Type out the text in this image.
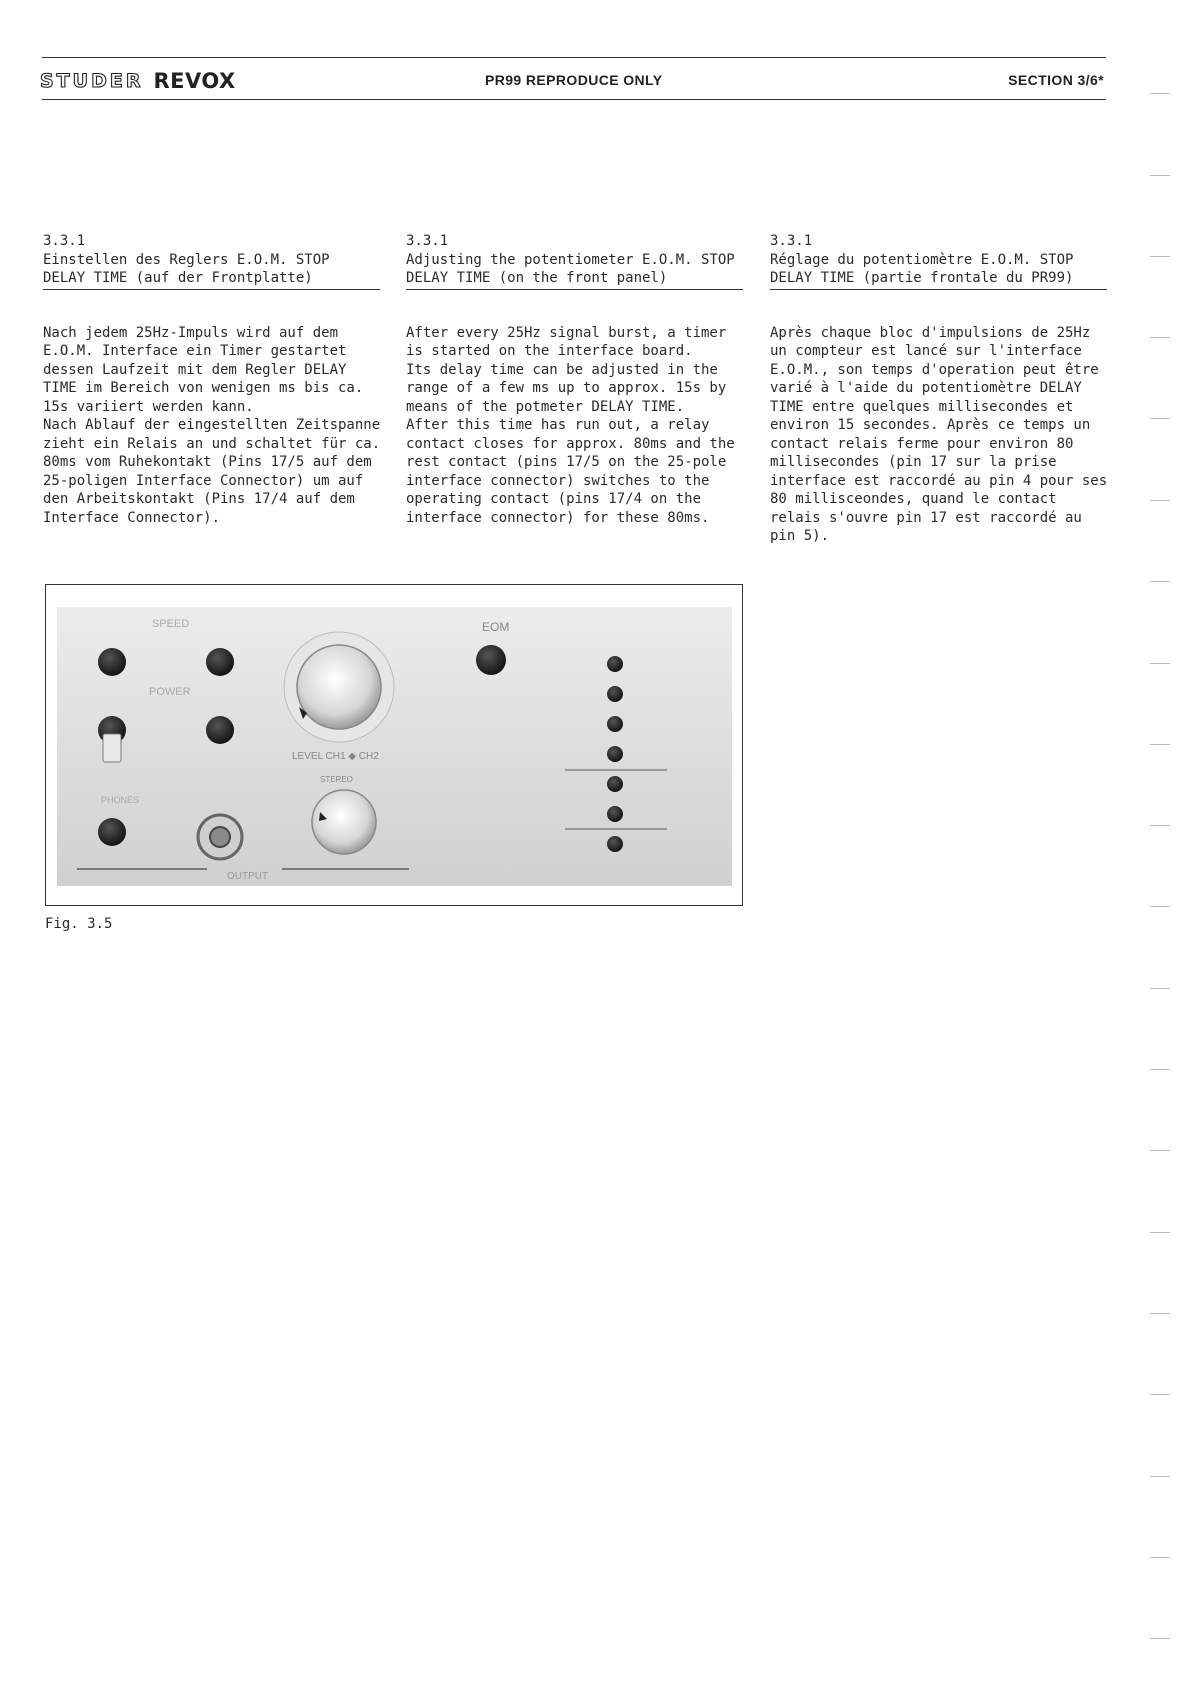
STUDER REVOX	PR99 REPRODUCE ONLY	SECTION 3/6*
3.3.1
Einstellen des Reglers E.O.M. STOP DELAY TIME (auf der Frontplatte)
Nach jedem 25Hz-Impuls wird auf dem E.O.M. Interface ein Timer gestartet dessen Laufzeit mit dem Regler DELAY TIME im Bereich von wenigen ms bis ca. 15s variiert werden kann.
Nach Ablauf der eingestellten Zeitspanne zieht ein Relais an und schaltet für ca. 80ms vom Ruhekontakt (Pins 17/5 auf dem 25-poligen Interface Connector) um auf den Arbeitskontakt (Pins 17/4 auf dem Interface Connector).
3.3.1
Adjusting the potentiometer E.O.M. STOP DELAY TIME (on the front panel)
After every 25Hz signal burst, a timer is started on the interface board.
Its delay time can be adjusted in the range of a few ms up to approx. 15s by means of the potmeter DELAY TIME.
After this time has run out, a relay contact closes for approx. 80ms and the rest contact (pins 17/5 on the 25-pole interface connector) switches to the operating contact (pins 17/4 on the interface connector) for these 80ms.
3.3.1
Réglage du potentiomètre E.O.M. STOP DELAY TIME (partie frontale du PR99)
Après chaque bloc d'impulsions de 25Hz un compteur est lancé sur l'interface E.O.M., son temps d'operation peut être varié à l'aide du potentiomètre DELAY TIME entre quelques millisecondes et environ 15 secondes. Après ce temps un contact relais ferme pour environ 80 millisecondes (pin 17 sur la prise interface est raccordé au pin 4 pour ses 80 millisceondes, quand le contact relais s'ouvre pin 17 est raccordé au pin 5).
SPEED
POWER
PHONES
OUTPUT
EOM
LEVEL CH1 ◆ CH2
STEREO
Fig. 3.5
